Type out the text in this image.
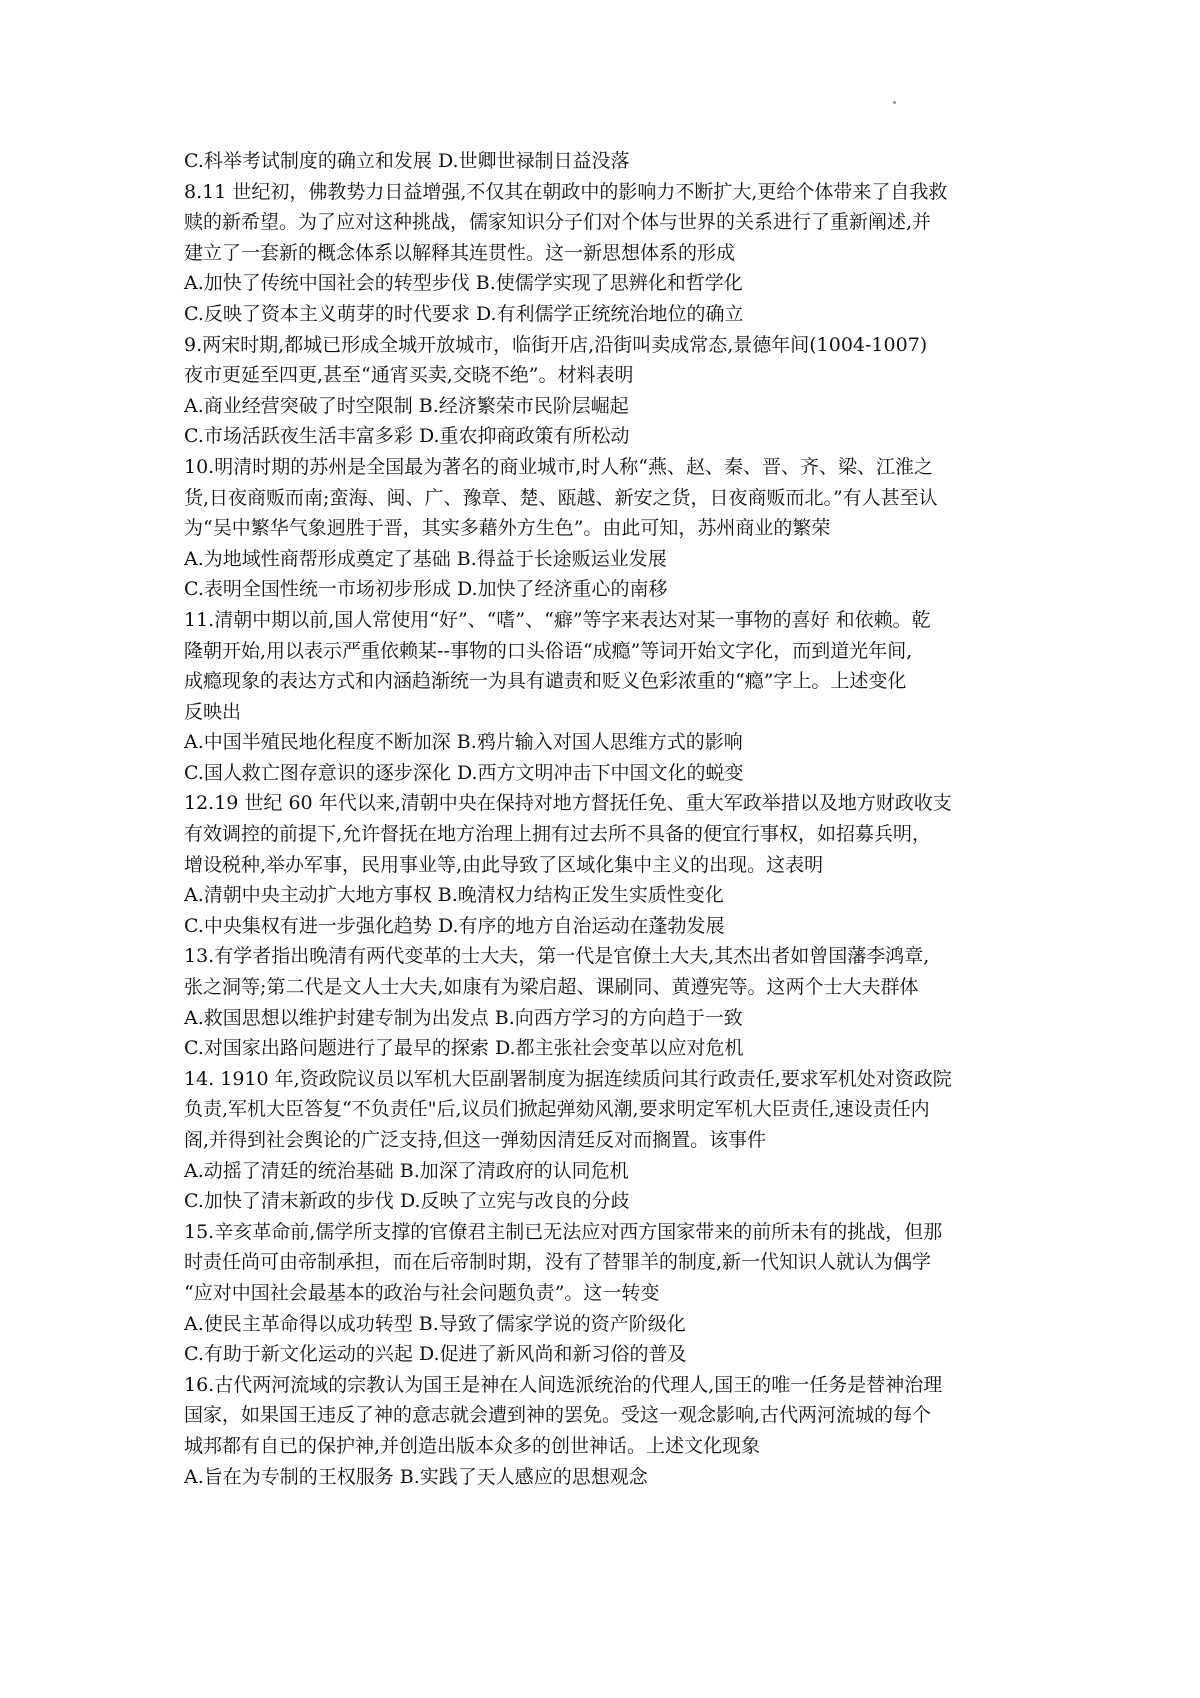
C.科举考试制度的确立和发展 D.世卿世禄制日益没落
8.11 世纪初，佛教势力日益增强,不仅其在朝政中的影响力不断扩大,更给个体带来了自我救
赎的新希望。为了应对这种挑战，儒家知识分子们对个体与世界的关系进行了重新阐述,并
建立了一套新的概念体系以解释其连贯性。这一新思想体系的形成
A.加快了传统中国社会的转型步伐 B.使儒学实现了思辨化和哲学化
C.反映了资本主义萌芽的时代要求 D.有利儒学正统统治地位的确立
9.两宋时期,都城已形成全城开放城市，临街开店,沿街叫卖成常态,景德年间(1004-1007)
夜市更延至四更,甚至“通宵买卖,交晓不绝”。材料表明
A.商业经营突破了时空限制 B.经济繁荣市民阶层崛起
C.市场活跃夜生活丰富多彩 D.重农抑商政策有所松动
10.明清时期的苏州是全国最为著名的商业城市,时人称“燕、赵、秦、晋、齐、梁、江淮之
货,日夜商贩而南;蛮海、闽、广、豫章、楚、瓯越、新安之货，日夜商贩而北。”有人甚至认
为“吴中繁华气象迥胜于晋，其实多藉外方生色”。由此可知，苏州商业的繁荣
A.为地域性商帮形成奠定了基础 B.得益于长途贩运业发展
C.表明全国性统一市场初步形成 D.加快了经济重心的南移
11.清朝中期以前,国人常使用“好”、“嗜”、“癖”等字来表达对某一事物的喜好 和依赖。乾
隆朝开始,用以表示严重依赖某--事物的口头俗语“成瘾”等词开始文字化，而到道光年间,
成瘾现象的表达方式和内涵趋渐统一为具有谴责和贬义色彩浓重的“瘾”字上。上述变化
反映出
A.中国半殖民地化程度不断加深 B.鸦片输入对国人思维方式的影响
C.国人救亡图存意识的逐步深化 D.西方文明冲击下中国文化的蜕变
12.19 世纪 60 年代以来,清朝中央在保持对地方督抚任免、重大军政举措以及地方财政收支
有效调控的前提下,允许督抚在地方治理上拥有过去所不具备的便宜行事权，如招募兵明，
增设税种,举办军事，民用事业等,由此导致了区域化集中主义的出现。这表明
A.清朝中央主动扩大地方事权 B.晚清权力结构正发生实质性变化
C.中央集权有进一步强化趋势 D.有序的地方自治运动在蓬勃发展
13.有学者指出晚清有两代变革的士大夫，第一代是官僚土大夫,其杰出者如曾国藩李鸿章,
张之洞等;第二代是文人士大夫,如康有为梁启超、课刷同、黄遵宪等。这两个士大夫群体
A.救国思想以维护封建专制为出发点 B.向西方学习的方向趋于一致
C.对国家出路问题进行了最早的探索 D.都主张社会变革以应对危机
14. 1910 年,资政院议员以军机大臣副署制度为据连续质问其行政责任,要求军机处对资政院
负责,军机大臣答复“不负责任"后,议员们掀起弹劾风潮,要求明定军机大臣责任,速设责任内
阁,并得到社会舆论的广泛支持,但这一弹劾因清廷反对而搁置。该事件
A.动摇了清廷的统治基础 B.加深了清政府的认同危机
C.加快了清末新政的步伐 D.反映了立宪与改良的分歧
15.辛亥革命前,儒学所支撑的官僚君主制已无法应对西方国家带来的前所未有的挑战，但那
时责任尚可由帝制承担，而在后帝制时期，没有了替罪羊的制度,新一代知识人就认为偶学
“应对中国社会最基本的政治与社会问题负责”。这一转变
A.使民主革命得以成功转型 B.导致了儒家学说的资产阶级化
C.有助于新文化运动的兴起 D.促进了新风尚和新习俗的普及
16.古代两河流域的宗教认为国王是神在人间选派统治的代理人,国王的唯一任务是替神治理
国家，如果国王违反了神的意志就会遭到神的罢免。受这一观念影响,古代两河流城的每个
城邦都有自已的保护神,并创造出版本众多的创世神话。上述文化现象
A.旨在为专制的王权服务 B.实践了天人感应的思想观念
